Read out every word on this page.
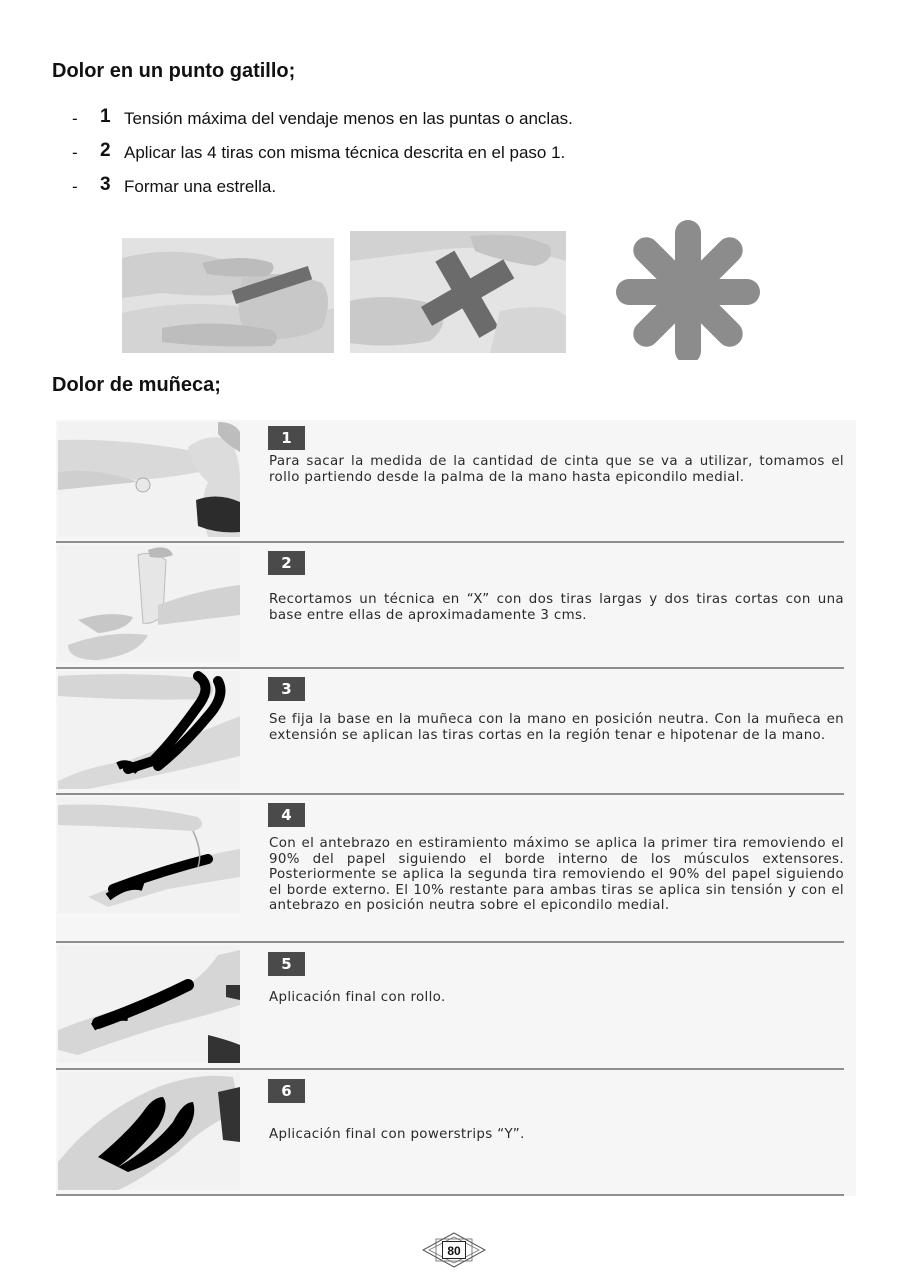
Dolor en un punto gatillo;
- 1 Tensión máxima del vendaje menos en las puntas o anclas.
- 2 Aplicar las 4 tiras con misma técnica descrita en el paso 1.
- 3 Formar una estrella.
Dolor de muñeca;
1
Para sacar la medida de la cantidad de cinta que se va a utilizar, tomamos el rollo partiendo desde la palma de la mano hasta epicondilo medial.
2
Recortamos un técnica en “X” con dos tiras largas y dos tiras cortas con una base entre ellas de aproximadamente 3 cms.
3
Se fija la base en la muñeca con la mano en posición neutra. Con la muñeca en extensión se aplican las tiras cortas en la región tenar e hipotenar de la mano.
4
Con el antebrazo en estiramiento máximo se aplica la primer tira removiendo el 90% del papel siguiendo el borde interno de los músculos extensores. Posteriormente se aplica la segunda tira removiendo el 90% del papel siguiendo el borde externo. El 10% restante para ambas tiras se aplica sin tensión y con el antebrazo en posición neutra sobre el epicondilo medial.
5
Aplicación final con rollo.
6
Aplicación final con powerstrips “Y”.
80
